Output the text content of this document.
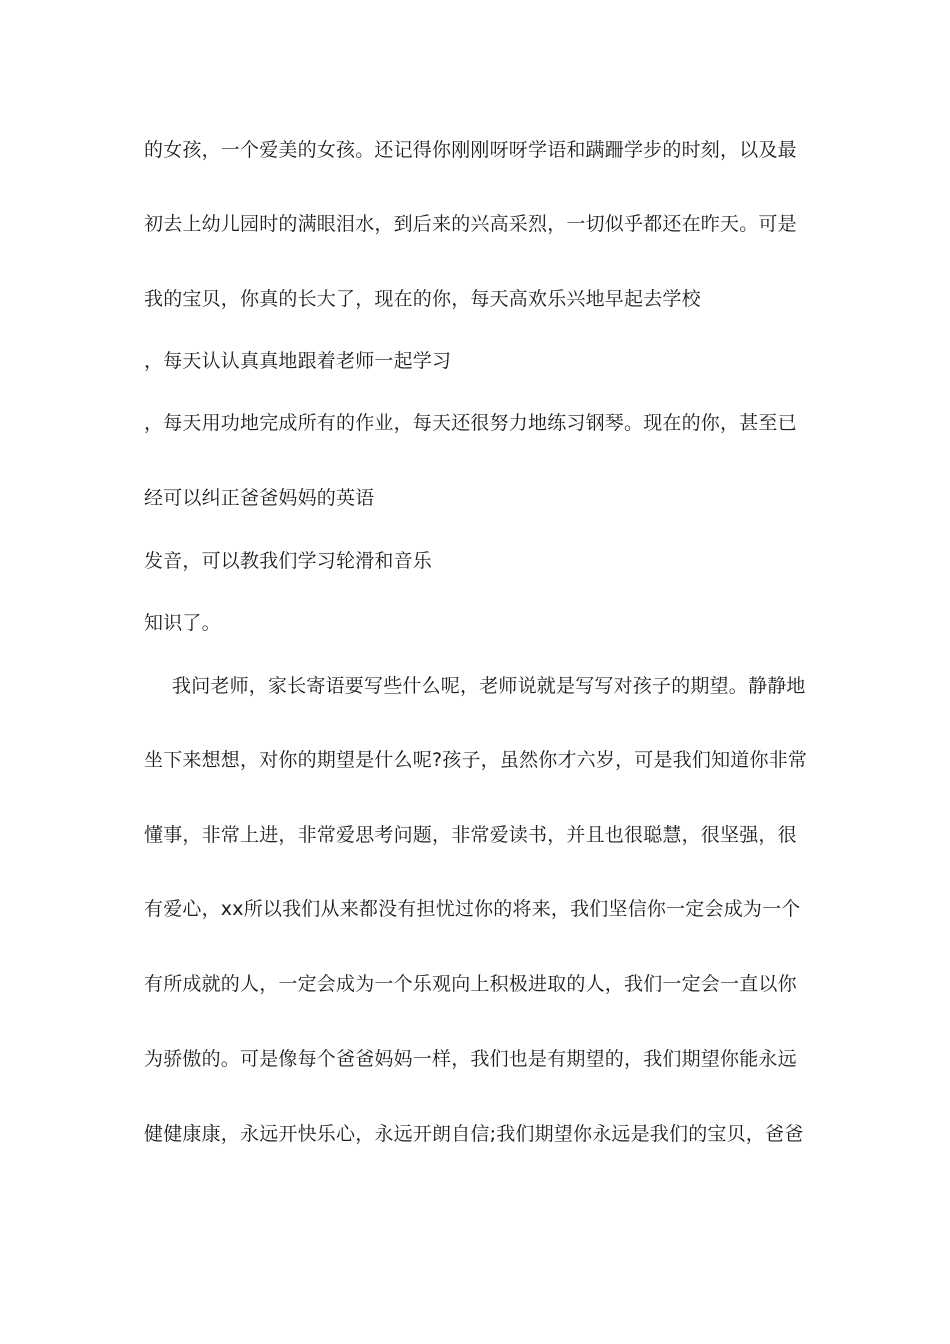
的女孩，一个爱美的女孩。还记得你刚刚呀呀学语和蹒跚学步的时刻，以及最
初去上幼儿园时的满眼泪水，到后来的兴高采烈，一切似乎都还在昨天。可是
我的宝贝，你真的长大了，现在的你，每天高欢乐兴地早起去学校
，每天认认真真地跟着老师一起学习
，每天用功地完成所有的作业，每天还很努力地练习钢琴。现在的你，甚至已
经可以纠正爸爸妈妈的英语
发音，可以教我们学习轮滑和音乐
知识了。
我问老师，家长寄语要写些什么呢，老师说就是写写对孩子的期望。静静地
坐下来想想，对你的期望是什么呢?孩子，虽然你才六岁，可是我们知道你非常
懂事，非常上进，非常爱思考问题，非常爱读书，并且也很聪慧，很坚强，很
有爱心，xx所以我们从来都没有担忧过你的将来，我们坚信你一定会成为一个
有所成就的人，一定会成为一个乐观向上积极进取的人，我们一定会一直以你
为骄傲的。可是像每个爸爸妈妈一样，我们也是有期望的，我们期望你能永远
健健康康，永远开快乐心，永远开朗自信;我们期望你永远是我们的宝贝，爸爸
